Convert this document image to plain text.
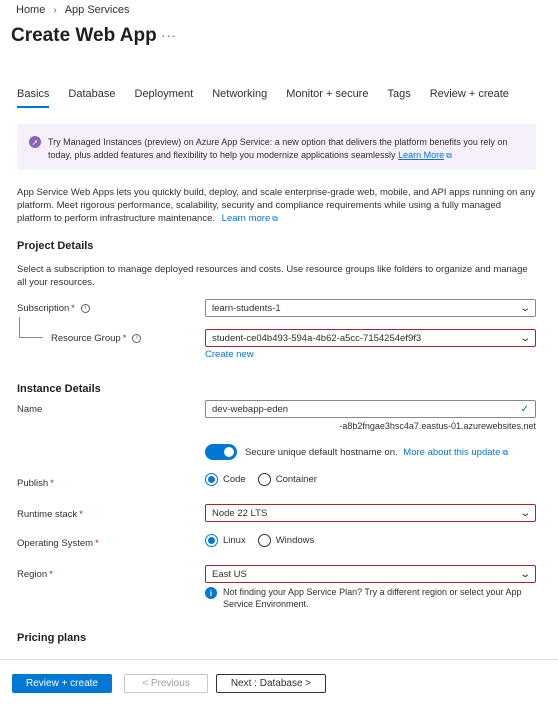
Home › App Services
Create Web App ···
Basics Database Deployment Networking Monitor + secure Tags Review + create
➚ Try Managed Instances (preview) on Azure App Service: a new option that delivers the platform benefits you rely on today, plus added features and flexibility to help you modernize applications seamlessly Learn More ⧉
App Service Web Apps lets you quickly build, deploy, and scale enterprise-grade web, mobile, and API apps running on any platform. Meet rigorous performance, scalability, security and compliance requirements while using a fully managed platform to perform infrastructure maintenance. Learn more ⧉
Project Details
Select a subscription to manage deployed resources and costs. Use resource groups like folders to organize and manage all your resources.
Subscription * i	learn-students-1	⌄
Resource Group * i	student-ce04b493-594a-4b62-a5cc-7154254ef9f3	⌄
Create new
Instance Details
Name	dev-webapp-eden	✓
-a8b2fngae3hsc4a7.eastus-01.azurewebsites.net
Secure unique default hostname on. More about this update ⧉
Publish *	Code	Container
Runtime stack *	Node 22 LTS	⌄
Operating System *	Linux	Windows
Region *	East US	⌄
i	Not finding your App Service Plan? Try a different region or select your App Service Environment.
Pricing plans
Review + create	< Previous	Next : Database >
